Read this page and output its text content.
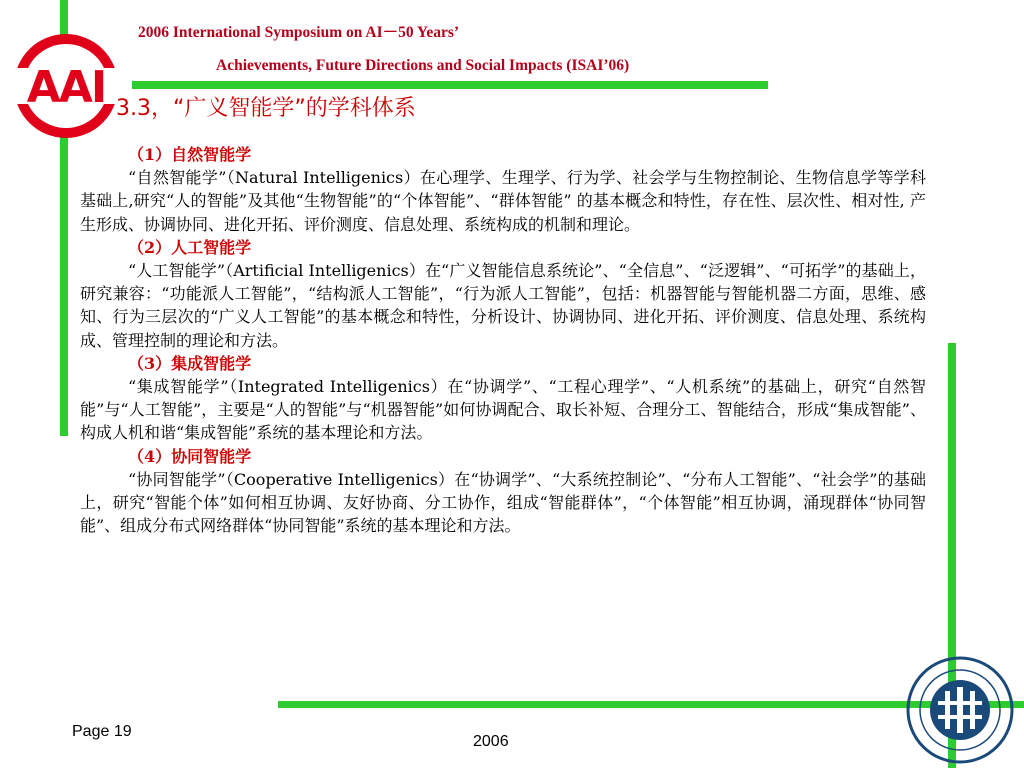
AAI
2006 International Symposium on AI－50 Years’
Achievements, Future Directions and Social Impacts (ISAI’06)
3.3，“广义智能学”的学科体系

（1）自然智能学

“自然智能学”（Natural Intelligenics）在心理学、生理学、行为学、社会学与生物控制论、生物信息学等学科基础上,研究“人的智能”及其他“生物智能”的“个体智能”、“群体智能” 的基本概念和特性，存在性、层次性、相对性, 产生形成、协调协同、进化开拓、评价测度、信息处理、系统构成的机制和理论。

（2）人工智能学

“人工智能学”（Artificial Intelligenics）在“广义智能信息系统论”、“全信息”、“泛逻辑”、“可拓学”的基础上，研究兼容：“功能派人工智能”，“结构派人工智能”，“行为派人工智能”，包括：机器智能与智能机器二方面，思维、感知、行为三层次的“广义人工智能”的基本概念和特性，分析设计、协调协同、进化开拓、评价测度、信息处理、系统构成、管理控制的理论和方法。

（3）集成智能学

“集成智能学”（Integrated Intelligenics）在“协调学”、“工程心理学”、“人机系统”的基础上，研究“自然智能”与“人工智能”，主要是“人的智能”与“机器智能”如何协调配合、取长补短、合理分工、智能结合，形成“集成智能”、构成人机和谐“集成智能”系统的基本理论和方法。

（4）协同智能学

“协同智能学”（Cooperative Intelligenics）在“协调学”、“大系统控制论”、“分布人工智能”、“社会学”的基础上，研究“智能个体”如何相互协调、友好协商、分工协作，组成“智能群体”，“个体智能”相互协调，涌现群体“协同智能”、组成分布式网络群体“协同智能”系统的基本理论和方法。

Page 19
2006
